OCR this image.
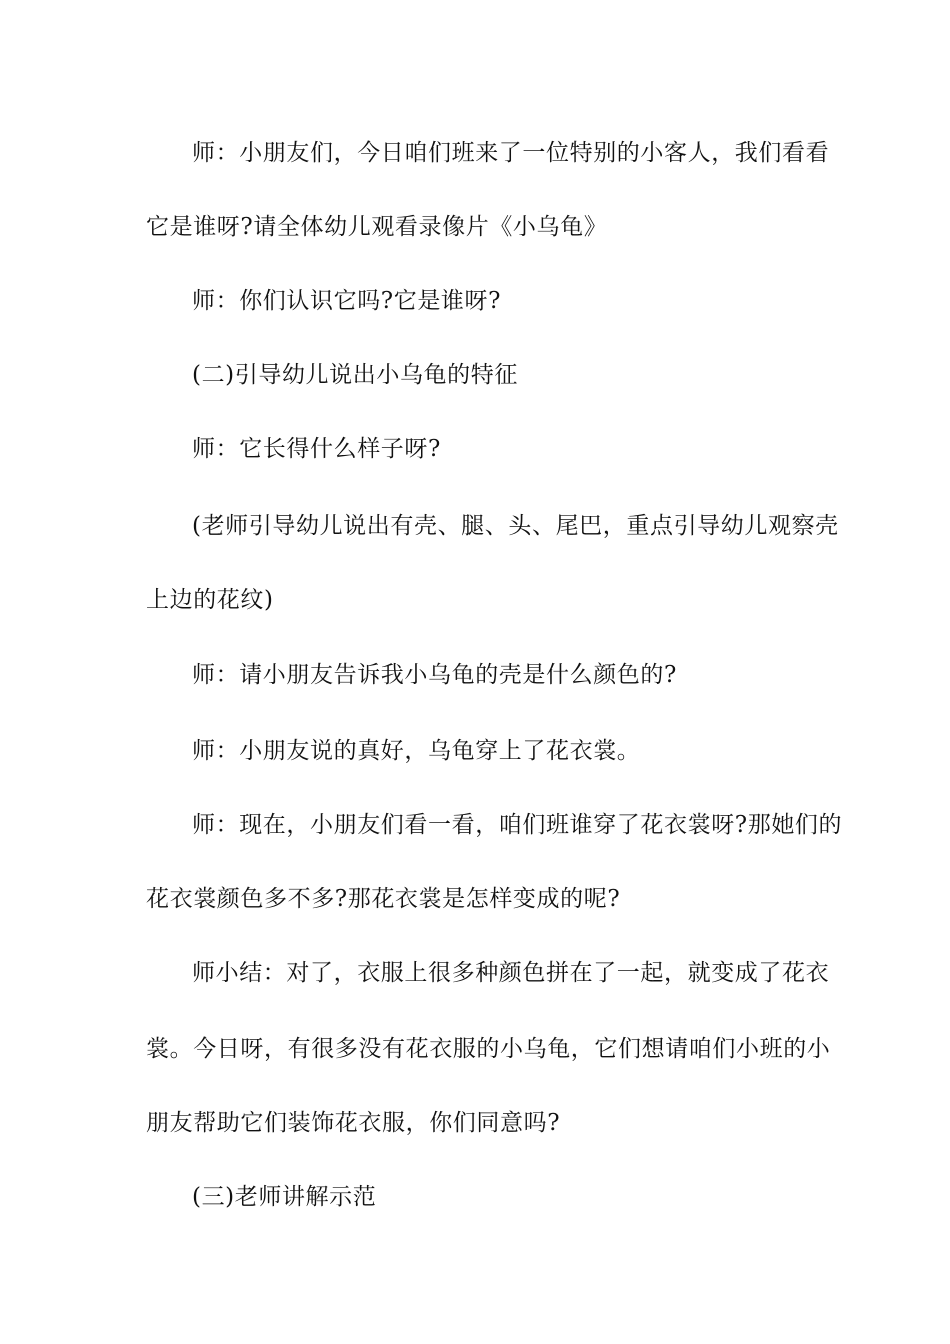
师：小朋友们，今日咱们班来了一位特别的小客人，我们看看
它是谁呀?请全体幼儿观看录像片《小乌龟》
师：你们认识它吗?它是谁呀?
(二)引导幼儿说出小乌龟的特征
师：它长得什么样子呀?
(老师引导幼儿说出有壳、腿、头、尾巴，重点引导幼儿观察壳
上边的花纹)
师：请小朋友告诉我小乌龟的壳是什么颜色的?
师：小朋友说的真好，乌龟穿上了花衣裳。
师：现在，小朋友们看一看，咱们班谁穿了花衣裳呀?那她们的
花衣裳颜色多不多?那花衣裳是怎样变成的呢?
师小结：对了，衣服上很多种颜色拼在了一起，就变成了花衣
裳。今日呀，有很多没有花衣服的小乌龟，它们想请咱们小班的小
朋友帮助它们装饰花衣服，你们同意吗?
(三)老师讲解示范
